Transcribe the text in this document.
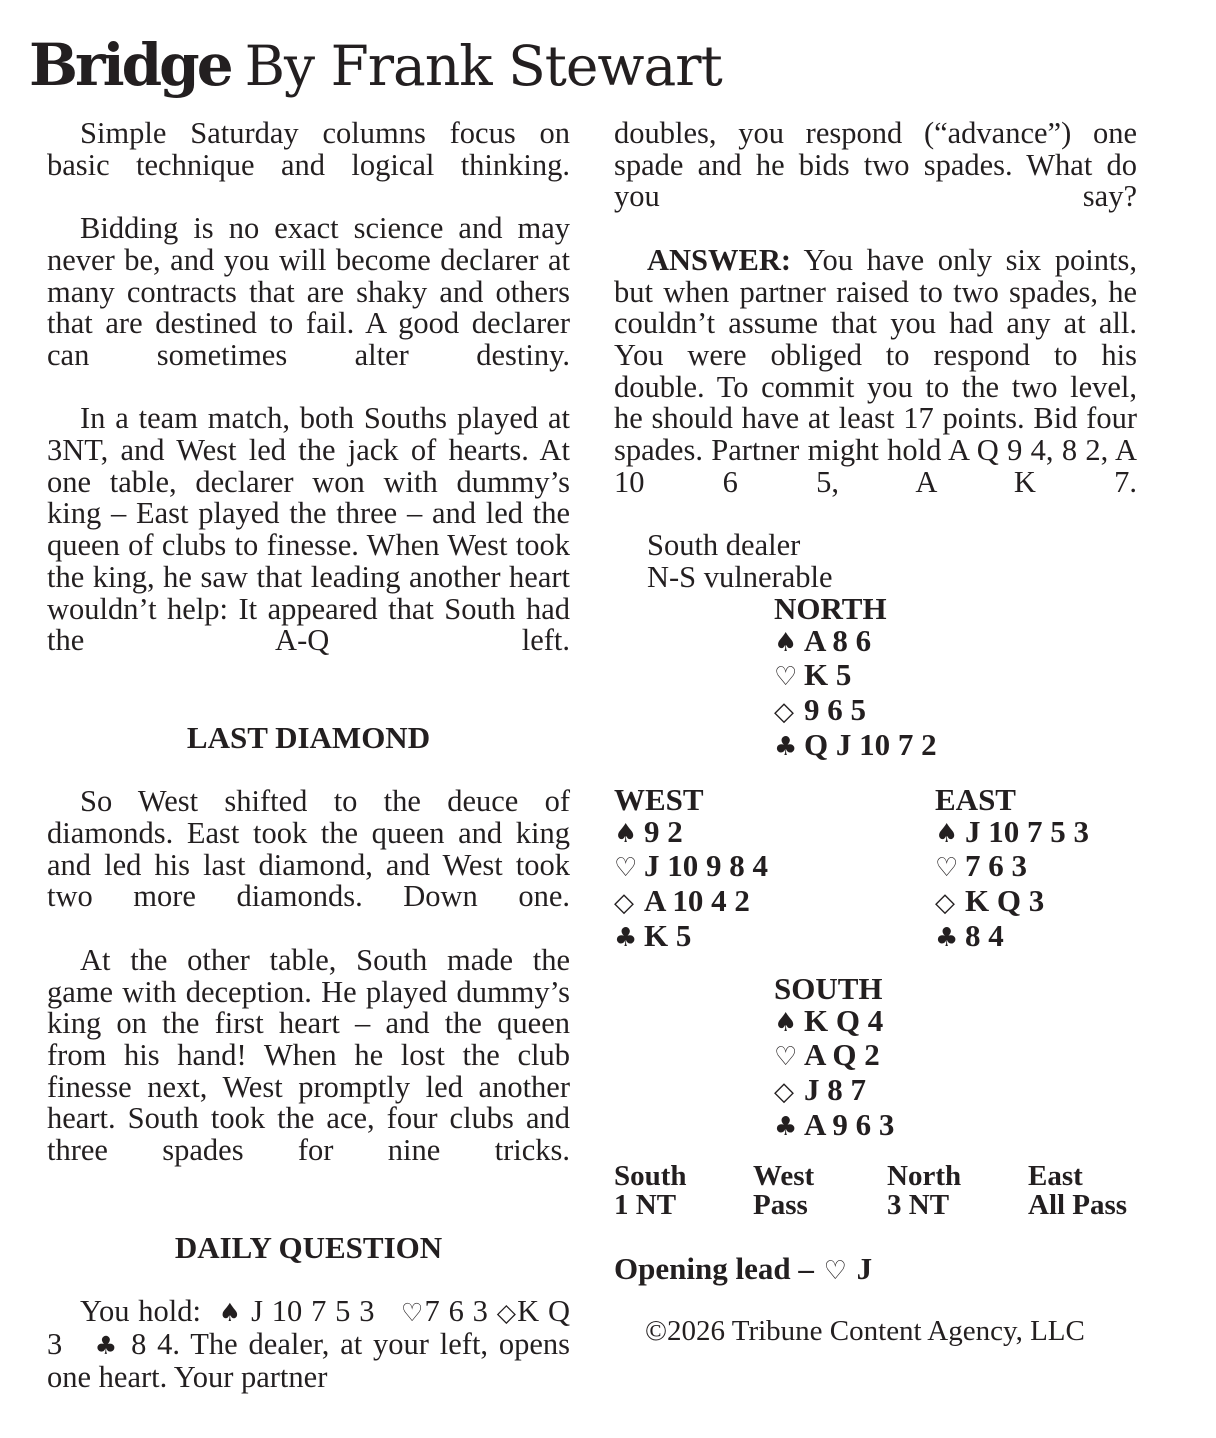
Bridge By Frank Stewart

Simple Saturday columns focus on basic technique and logical thinking.

Bidding is no exact science and may never be, and you will become declarer at many contracts that are shaky and others that are destined to fail. A good declarer can sometimes alter destiny.

In a team match, both Souths played at 3NT, and West led the jack of hearts. At one table, declarer won with dummy’s king – East played the three – and led the queen of clubs to finesse. When West took the king, he saw that leading another heart wouldn’t help: It appeared that South had the A-Q left.

LAST DIAMOND

So West shifted to the deuce of diamonds. East took the queen and king and led his last diamond, and West took two more diamonds. Down one.

At the other table, South made the game with deception. He played dummy’s king on the first heart – and the queen from his hand! When he lost the club finesse next, West promptly led another heart. South took the ace, four clubs and three spades for nine tricks.

DAILY QUESTION

You hold: ♠ J 10 7 5 3 ♡7 6 3 ◇K Q 3 ♣ 8 4. The dealer, at your left, opens one heart. Your partner

doubles, you respond (“advance”) one spade and he bids two spades. What do you say?

ANSWER: You have only six points, but when partner raised to two spades, he couldn’t assume that you had any at all. You were obliged to respond to his double. To commit you to the two level, he should have at least 17 points. Bid four spades. Partner might hold A Q 9 4, 8 2, A 10 6 5, A K 7.

South dealer

N-S vulnerable

NORTH
♠ A 8 6
♡ K 5
◇ 9 6 5
♣ Q J 10 7 2
WEST
♠ 9 2
♡ J 10 9 8 4
◇ A 10 4 2
♣ K 5
EAST
♠ J 10 7 5 3
♡ 7 6 3
◇ K Q 3
♣ 8 4
SOUTH
♠ K Q 4
♡ A Q 2
◇ J 8 7
♣ A 9 6 3
South	West	North	East
1 NT	Pass	3 NT	All Pass
Opening lead – ♡ J
©2026 Tribune Content Agency, LLC
